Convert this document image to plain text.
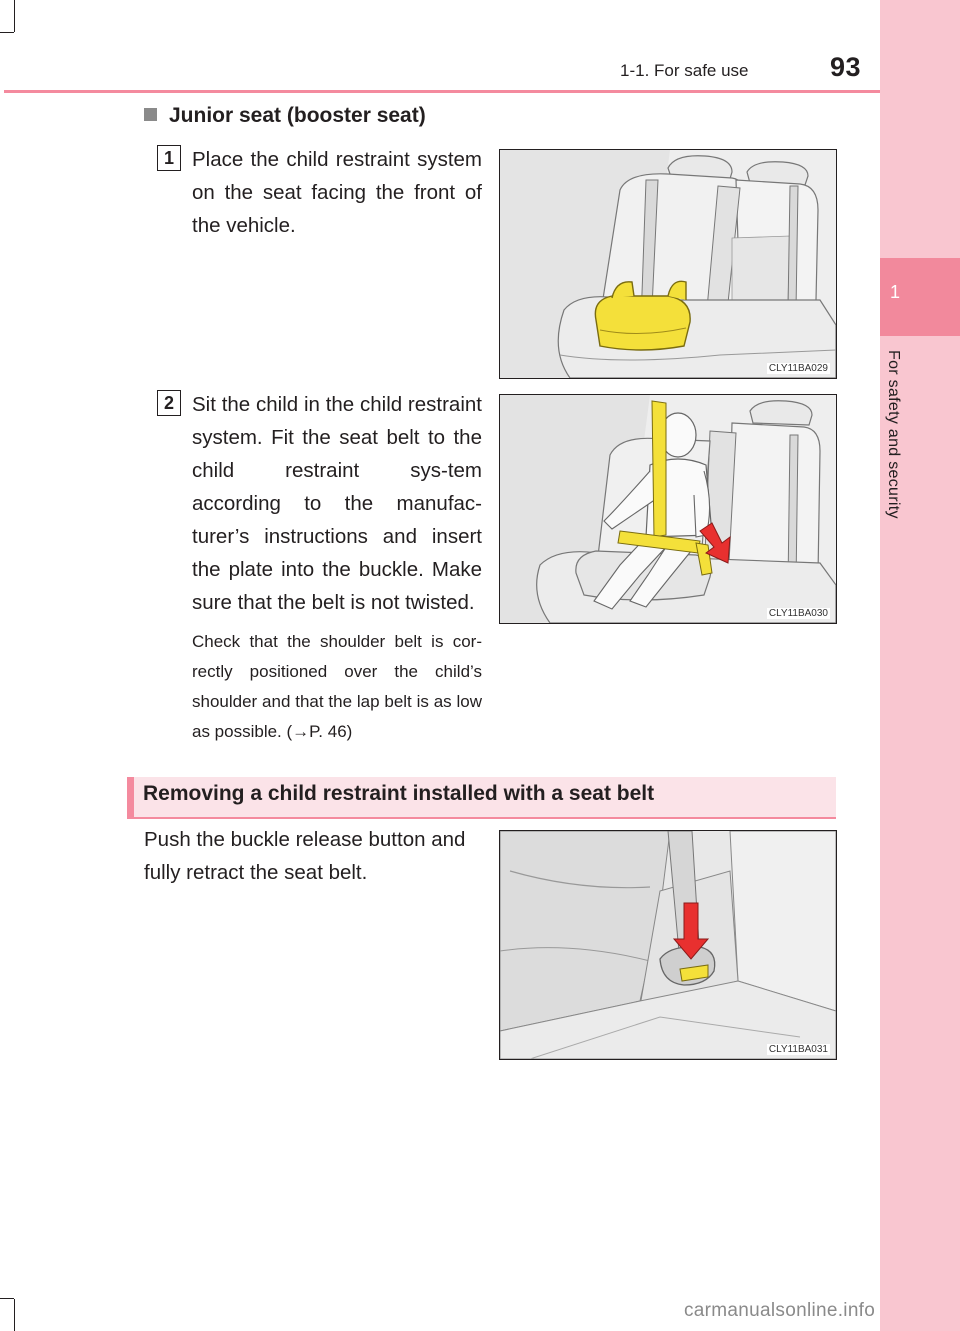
1
For safety and security
1-1. For safe use	93
Junior seat (booster seat)
1 Place the child restraint system on the seat facing the front of the vehicle.
CLY11BA029
2 Sit the child in the child restraint system. Fit the seat belt to the child restraint sys-tem according to the manufac-turer’s instructions and insert the plate into the buckle. Make sure that the belt is not twisted.
Check that the shoulder belt is cor-rectly positioned over the child’s shoulder and that the lap belt is as low as possible. (→P. 46)
CLY11BA030
Removing a child restraint installed with a seat belt
Push the buckle release button and fully retract the seat belt.
CLY11BA031
carmanualsonline.info
